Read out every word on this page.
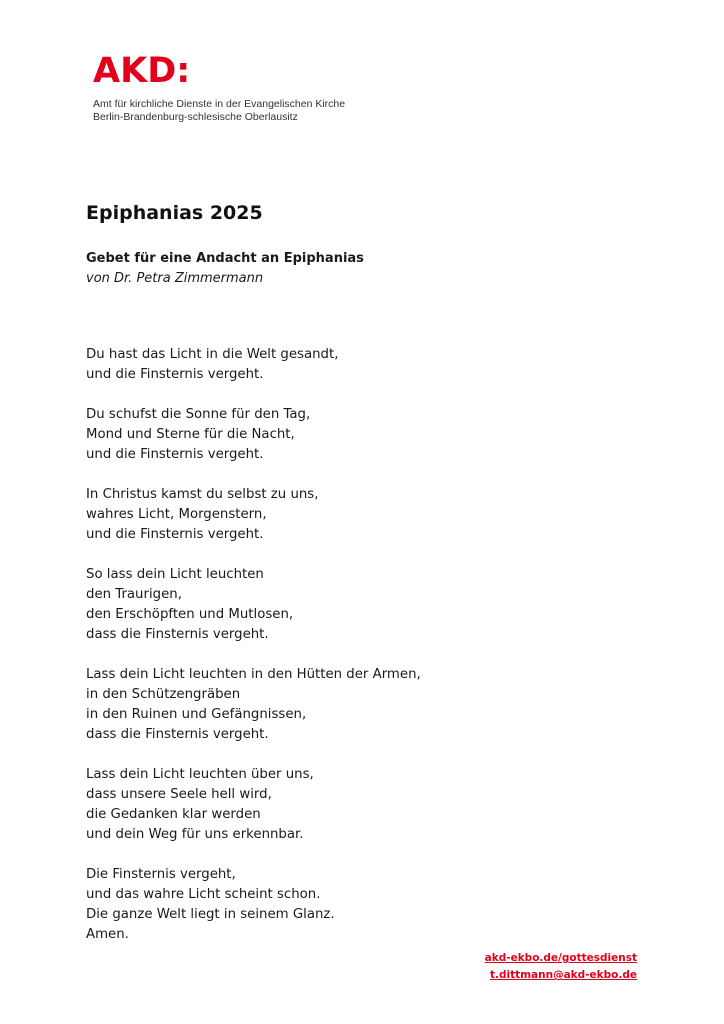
AKD:
Amt für kirchliche Dienste in der Evangelischen Kirche
Berlin-Brandenburg-schlesische Oberlausitz
Epiphanias 2025

Gebet für eine Andacht an Epiphanias

von Dr. Petra Zimmermann

Du hast das Licht in die Welt gesandt,
und die Finsternis vergeht.
Du schufst die Sonne für den Tag,
Mond und Sterne für die Nacht,
und die Finsternis vergeht.
In Christus kamst du selbst zu uns,
wahres Licht, Morgenstern,
und die Finsternis vergeht.
So lass dein Licht leuchten
den Traurigen,
den Erschöpften und Mutlosen,
dass die Finsternis vergeht.
Lass dein Licht leuchten in den Hütten der Armen,
in den Schützengräben
in den Ruinen und Gefängnissen,
dass die Finsternis vergeht.
Lass dein Licht leuchten über uns,
dass unsere Seele hell wird,
die Gedanken klar werden
und dein Weg für uns erkennbar.
Die Finsternis vergeht,
und das wahre Licht scheint schon.
Die ganze Welt liegt in seinem Glanz.
Amen.
akd-ekbo.de/gottesdienst
t.dittmann@akd-ekbo.de
